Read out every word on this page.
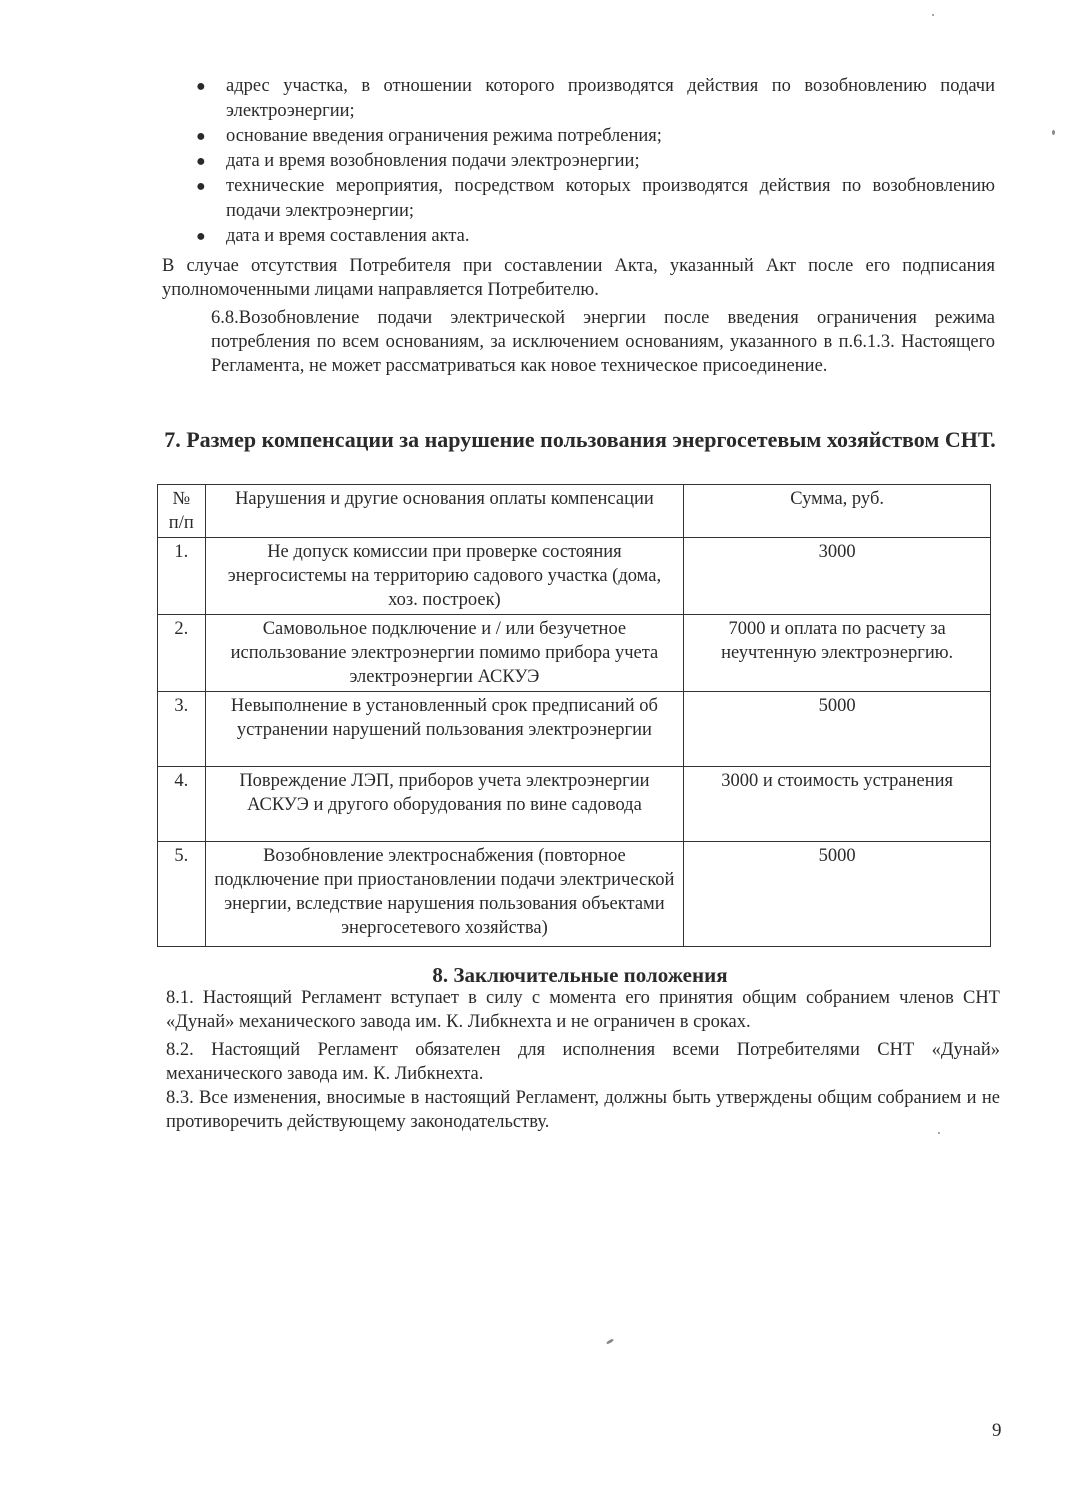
● адрес участка, в отношении которого производятся действия по возобновлению подачи электроэнергии;
● основание введения ограничения режима потребления;
● дата и время возобновления подачи электроэнергии;
● технические мероприятия, посредством которых производятся действия по возобновлению подачи электроэнергии;
● дата и время составления акта.

В случае отсутствия Потребителя при составлении Акта, указанный Акт после его подписания уполномоченными лицами направляется Потребителю.

6.8.Возобновление подачи электрической энергии после введения ограничения режима потребления по всем основаниям, за исключением основаниям, указанного в п.6.1.3. Настоящего Регламента, не может рассматриваться как новое техническое присоединение.

7. Размер компенсации за нарушение пользования энергосетевым хозяйством СНТ.
№ п/п	Нарушения и другие основания оплаты компенсации	Сумма, руб.
1.	Не допуск комиссии при проверке состояния энергосистемы на территорию садового участка (дома, хоз. построек)	3000
2.	Самовольное подключение и / или безучетное использование электроэнергии помимо прибора учета электроэнергии АСКУЭ	7000 и оплата по расчету за неучтенную электроэнергию.
3.	Невыполнение в установленный срок предписаний об устранении нарушений пользования электроэнергии	5000
4.	Повреждение ЛЭП, приборов учета электроэнергии АСКУЭ и другого оборудования по вине садовода	3000 и стоимость устранения
5.	Возобновление электроснабжения (повторное подключение при приостановлении подачи электрической энергии, вследствие нарушения пользования объектами энергосетевого хозяйства)	5000
8. Заключительные положения

8.1. Настоящий Регламент вступает в силу с момента его принятия общим собранием членов СНТ «Дунай» механического завода им. К. Либкнехта и не ограничен в сроках.

8.2. Настоящий Регламент обязателен для исполнения всеми Потребителями СНТ «Дунай» механического завода им. К. Либкнехта.

8.3. Все изменения, вносимые в настоящий Регламент, должны быть утверждены общим собранием и не противоречить действующему законодательству.

9
